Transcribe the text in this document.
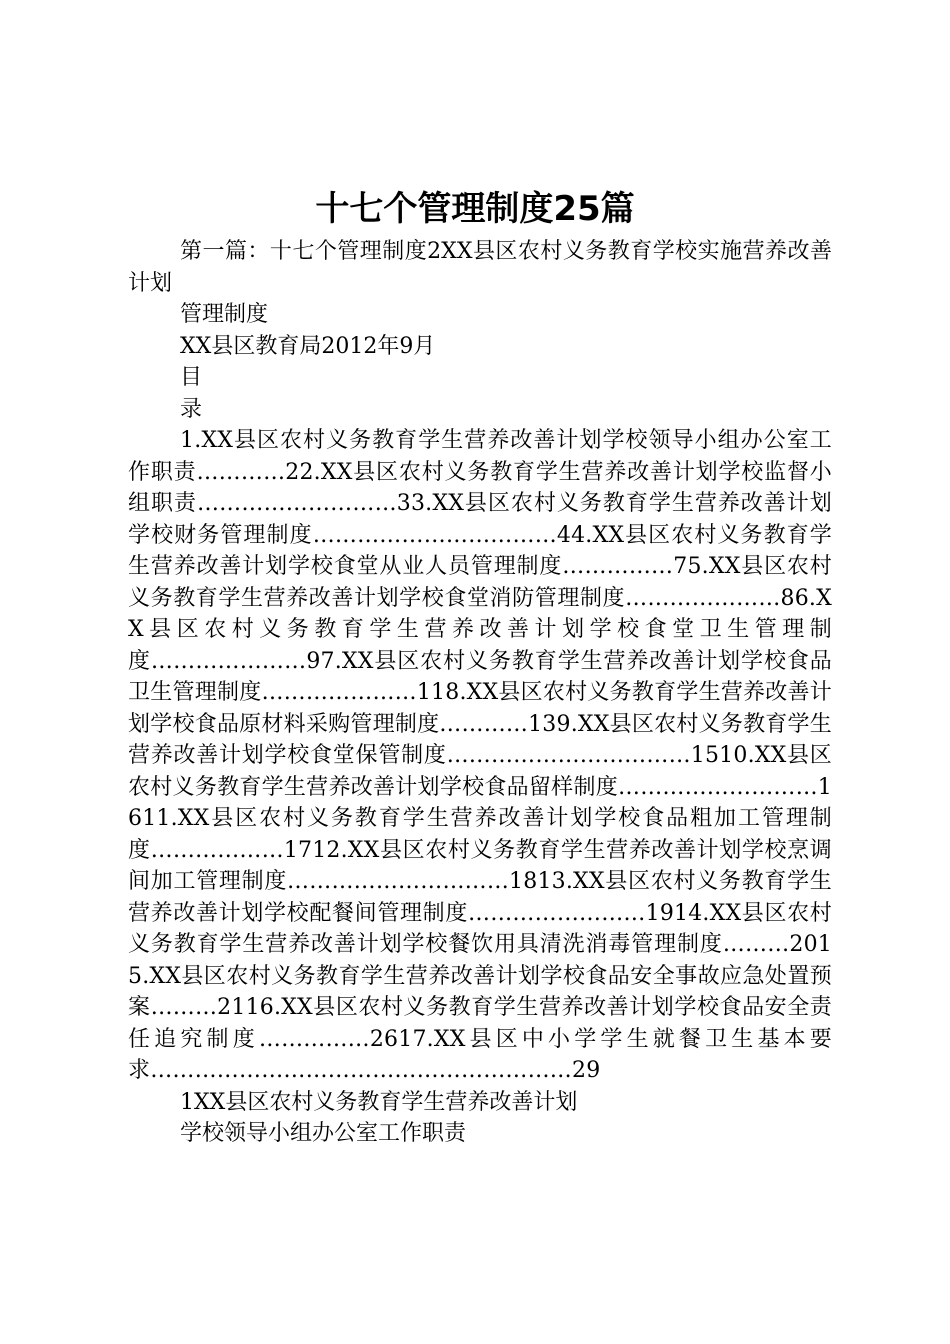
十七个管理制度25篇

第一篇：十七个管理制度2XX县区农村义务教育学校实施营养改善计划

管理制度

XX县区教育局2012年9月

目

录

1.XX县区农村义务教育学生营养改善计划学校领导小组办公室工作职责…………22.XX县区农村义务教育学生营养改善计划学校监督小组职责………………………33.XX县区农村义务教育学生营养改善计划学校财务管理制度……………………………44.XX县区农村义务教育学生营养改善计划学校食堂从业人员管理制度……………75.XX县区农村义务教育学生营养改善计划学校食堂消防管理制度…………………86.XX县区农村义务教育学生营养改善计划学校食堂卫生管理制度…………………97.XX县区农村义务教育学生营养改善计划学校食品卫生管理制度…………………118.XX县区农村义务教育学生营养改善计划学校食品原材料采购管理制度…………139.XX县区农村义务教育学生营养改善计划学校食堂保管制度……………………………1510.XX县区农村义务教育学生营养改善计划学校食品留样制度………………………1611.XX县区农村义务教育学生营养改善计划学校食品粗加工管理制度………………1712.XX县区农村义务教育学生营养改善计划学校烹调间加工管理制度…………………………1813.XX县区农村义务教育学生营养改善计划学校配餐间管理制度……………………1914.XX县区农村义务教育学生营养改善计划学校餐饮用具清洗消毒管理制度………2015.XX县区农村义务教育学生营养改善计划学校食品安全事故应急处置预案………2116.XX县区农村义务教育学生营养改善计划学校食品安全责任追究制度……………2617.XX县区中小学学生就餐卫生基本要求…………………………………………………29

1XX县区农村义务教育学生营养改善计划

学校领导小组办公室工作职责
